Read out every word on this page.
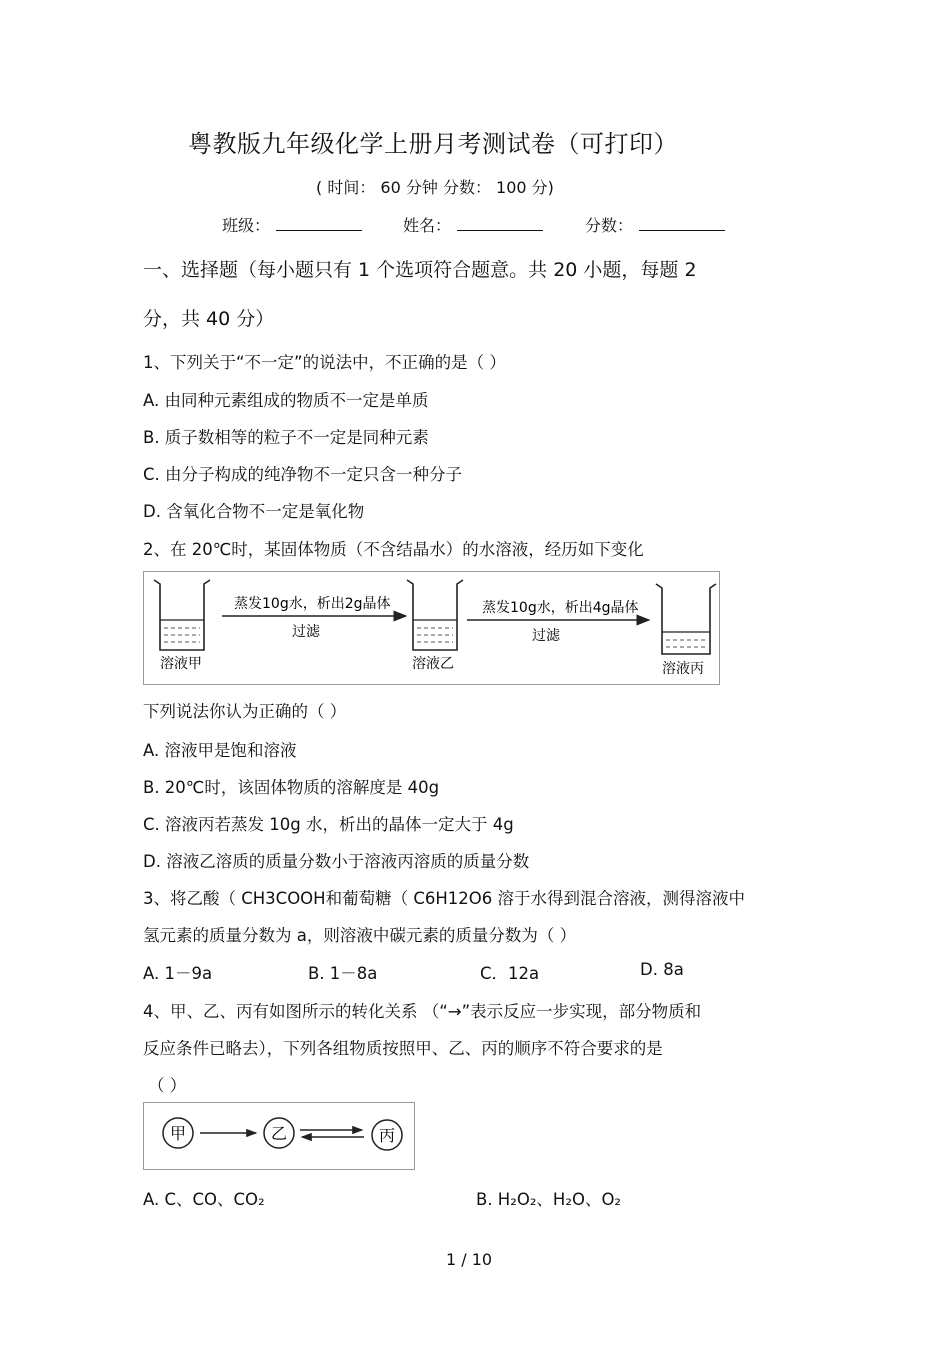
粤教版九年级化学上册月考测试卷（可打印）
( 时间： 60 分钟 分数： 100 分)
班级：	姓名：	分数：
一、选择题（每小题只有 1 个选项符合题意。共 20 小题，每题 2
分，共 40 分）
1、下列关于“不一定”的说法中，不正确的是（ ）
A. 由同种元素组成的物质不一定是单质
B. 质子数相等的粒子不一定是同种元素
C. 由分子构成的纯净物不一定只含一种分子
D. 含氧化合物不一定是氧化物
2、在 20℃时，某固体物质（不含结晶水）的水溶液，经历如下变化
溶液甲
蒸发10g水，析出2g晶体
过滤
溶液乙
蒸发10g水，析出4g晶体
过滤
溶液丙
下列说法你认为正确的（ ）
A. 溶液甲是饱和溶液
B. 20℃时，该固体物质的溶解度是 40g
C. 溶液丙若蒸发 10g 水，析出的晶体一定大于 4g
D. 溶液乙溶质的质量分数小于溶液丙溶质的质量分数
3、将乙酸（ CH3COOH和葡萄糖（ C6H12O6 溶于水得到混合溶液，测得溶液中
氢元素的质量分数为 a，则溶液中碳元素的质量分数为（ ）
A. 1－9a	B. 1－8a	C．12a	D. 8a
4、甲、乙、丙有如图所示的转化关系 （“→”表示反应一步实现，部分物质和
反应条件已略去），下列各组物质按照甲、乙、丙的顺序不符合要求的是
（ ）
甲	乙	丙
A. C、CO、CO₂	B. H₂O₂、H₂O、O₂
1 / 10
